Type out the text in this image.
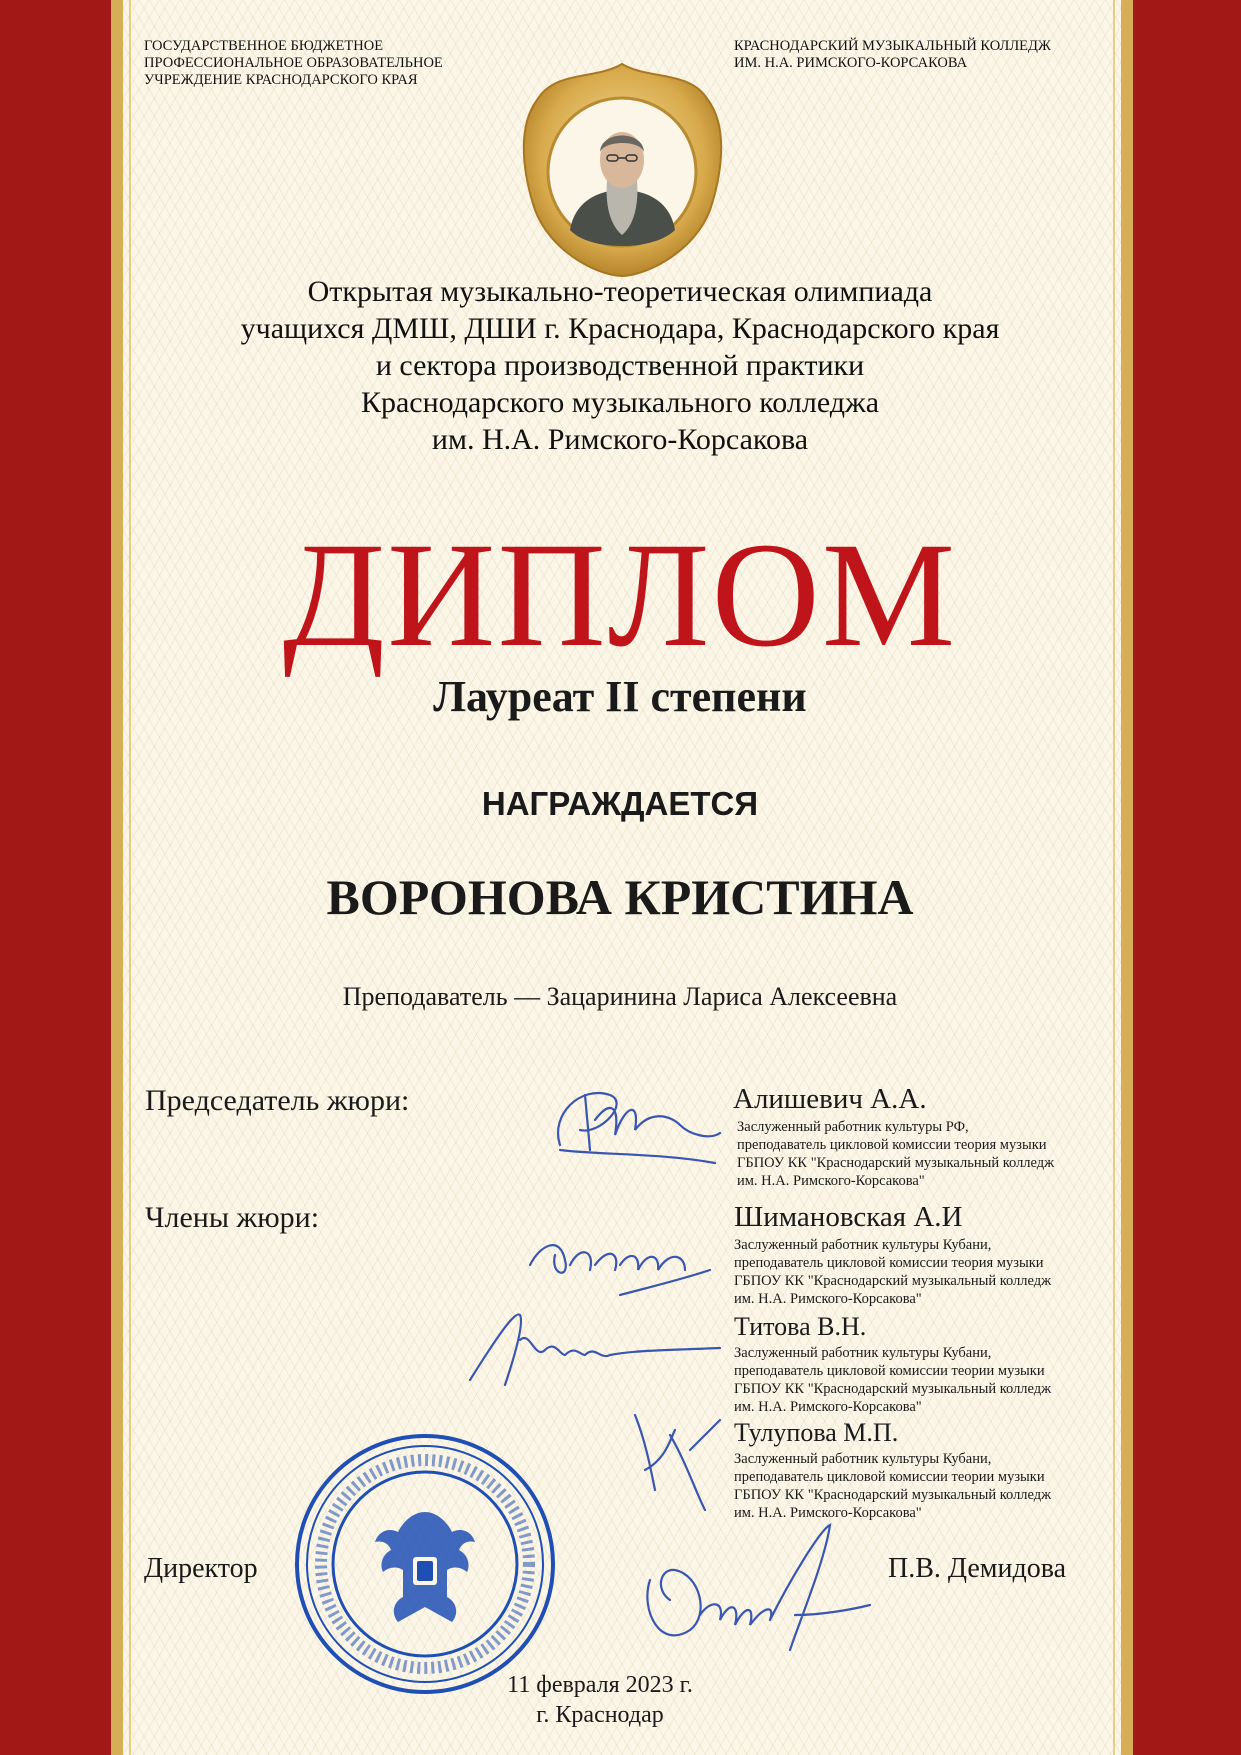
ГОСУДАРСТВЕННОЕ БЮДЖЕТНОЕ
ПРОФЕССИОНАЛЬНОЕ ОБРАЗОВАТЕЛЬНОЕ
УЧРЕЖДЕНИЕ КРАСНОДАРСКОГО КРАЯ
КРАСНОДАРСКИЙ МУЗЫКАЛЬНЫЙ КОЛЛЕДЖ
ИМ. Н.А. РИМСКОГО-КОРСАКОВА
Открытая музыкально-теоретическая олимпиада
учащихся ДМШ, ДШИ г. Краснодара, Краснодарского края
и сектора производственной практики
Краснодарского музыкального колледжа
им. Н.А. Римского-Корсакова
ДИПЛОМ
Лауреат II степени
НАГРАЖДАЕТСЯ
ВОРОНОВА КРИСТИНА
Преподаватель — Зацаринина Лариса Алексеевна
Председатель жюри:
Члены жюри:
Алишевич А.А.
Заслуженный работник культуры РФ,
преподаватель цикловой комиссии теория музыки
ГБПОУ КК "Краснодарский музыкальный колледж
им. Н.А. Римского-Корсакова"
Шимановская А.И
Заслуженный работник культуры Кубани,
преподаватель цикловой комиссии теория музыки
ГБПОУ КК "Краснодарский музыкальный колледж
им. Н.А. Римского-Корсакова"
Титова В.Н.
Заслуженный работник культуры Кубани,
преподаватель цикловой комиссии теории музыки
ГБПОУ КК "Краснодарский музыкальный колледж
им. Н.А. Римского-Корсакова"
Тулупова М.П.
Заслуженный работник культуры Кубани,
преподаватель цикловой комиссии теории музыки
ГБПОУ КК "Краснодарский музыкальный колледж
им. Н.А. Римского-Корсакова"
Директор	П.В. Демидова
11 февраля 2023 г.
г. Краснодар
